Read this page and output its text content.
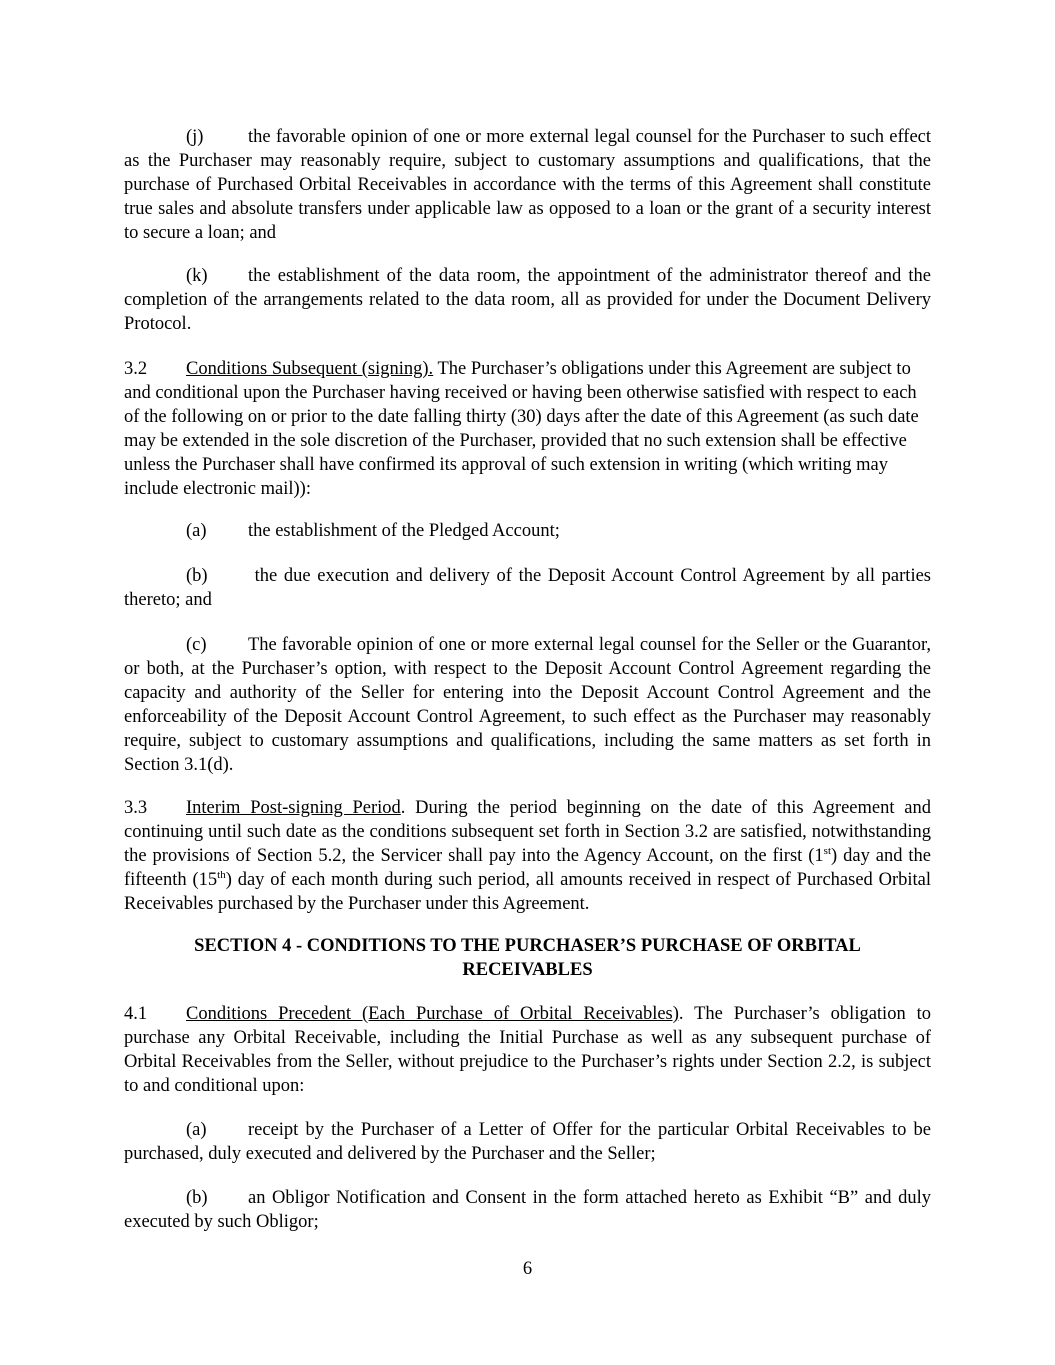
(j) the favorable opinion of one or more external legal counsel for the Purchaser to such effect as the Purchaser may reasonably require, subject to customary assumptions and qualifications, that the purchase of Purchased Orbital Receivables in accordance with the terms of this Agreement shall constitute true sales and absolute transfers under applicable law as opposed to a loan or the grant of a security interest to secure a loan; and
(k) the establishment of the data room, the appointment of the administrator thereof and the completion of the arrangements related to the data room, all as provided for under the Document Delivery Protocol.
3.2 Conditions Subsequent (signing). The Purchaser’s obligations under this Agreement are subject to and conditional upon the Purchaser having received or having been otherwise satisfied with respect to each of the following on or prior to the date falling thirty (30) days after the date of this Agreement (as such date may be extended in the sole discretion of the Purchaser, provided that no such extension shall be effective unless the Purchaser shall have confirmed its approval of such extension in writing (which writing may include electronic mail)):
(a) the establishment of the Pledged Account;
(b) the due execution and delivery of the Deposit Account Control Agreement by all parties thereto; and
(c) The favorable opinion of one or more external legal counsel for the Seller or the Guarantor, or both, at the Purchaser’s option, with respect to the Deposit Account Control Agreement regarding the capacity and authority of the Seller for entering into the Deposit Account Control Agreement and the enforceability of the Deposit Account Control Agreement, to such effect as the Purchaser may reasonably require, subject to customary assumptions and qualifications, including the same matters as set forth in Section 3.1(d).
3.3 Interim Post-signing Period. During the period beginning on the date of this Agreement and continuing until such date as the conditions subsequent set forth in Section 3.2 are satisfied, notwithstanding the provisions of Section 5.2, the Servicer shall pay into the Agency Account, on the first (1st) day and the fifteenth (15th) day of each month during such period, all amounts received in respect of Purchased Orbital Receivables purchased by the Purchaser under this Agreement.
SECTION 4 - CONDITIONS TO THE PURCHASER’S PURCHASE OF ORBITAL
RECEIVABLES
4.1 Conditions Precedent (Each Purchase of Orbital Receivables). The Purchaser’s obligation to purchase any Orbital Receivable, including the Initial Purchase as well as any subsequent purchase of Orbital Receivables from the Seller, without prejudice to the Purchaser’s rights under Section 2.2, is subject to and conditional upon:
(a) receipt by the Purchaser of a Letter of Offer for the particular Orbital Receivables to be purchased, duly executed and delivered by the Purchaser and the Seller;
(b) an Obligor Notification and Consent in the form attached hereto as Exhibit “B” and duly executed by such Obligor;
6
